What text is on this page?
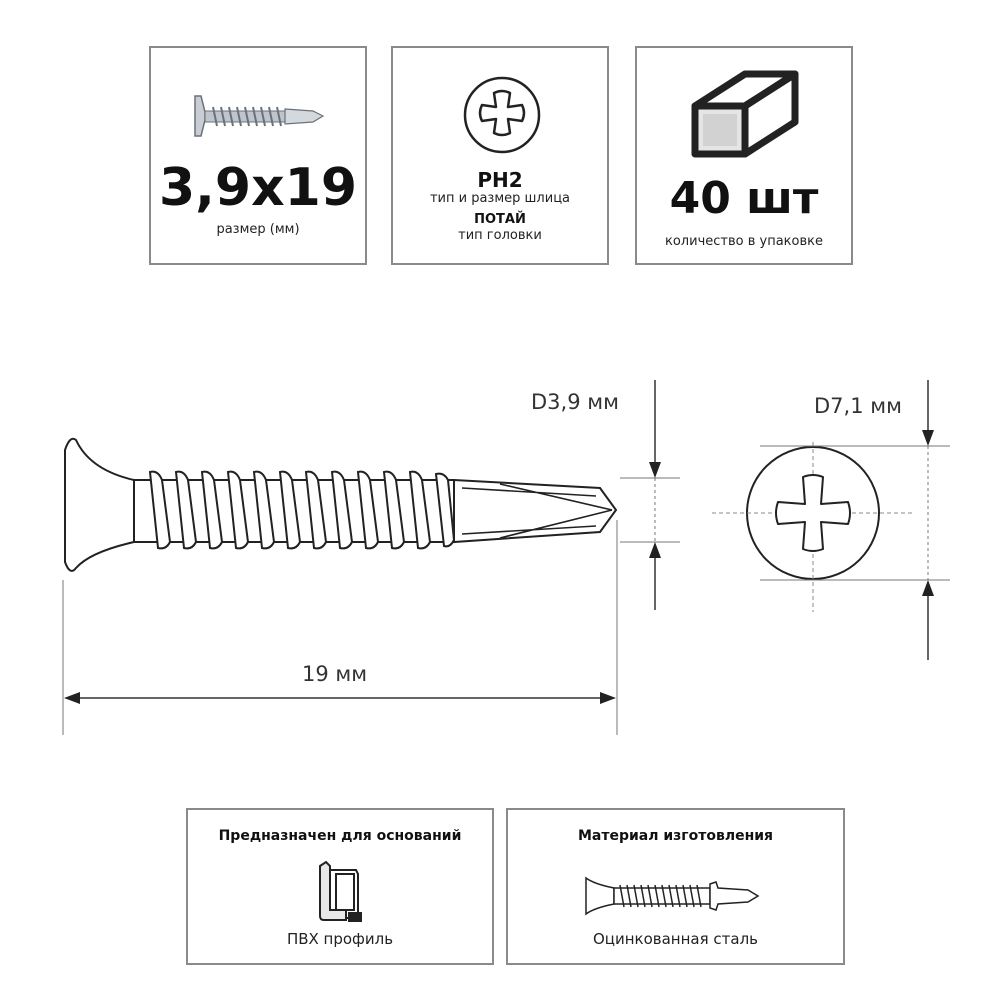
3,9x19
размер (мм)
PH2
тип и размер шлица
ПОТАЙ
тип головки
40 шт
количество в упаковке
D3,9 мм	D7,1 мм
19 мм
Предназначен для оснований
ПВХ профиль
Материал изготовления
Оцинкованная сталь
